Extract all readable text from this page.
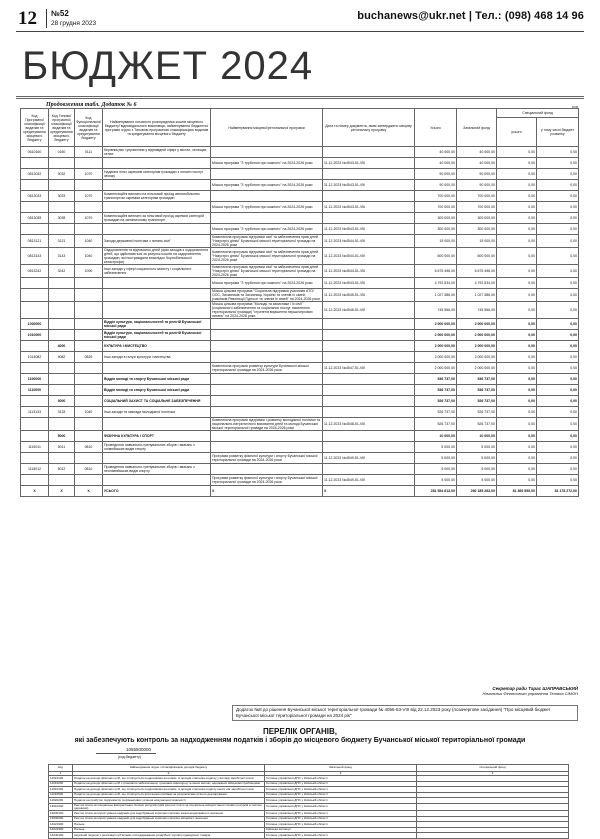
12	№52
28 грудня 2023
buchanews@ukr.net | Тел.: (098) 468 14 96
БЮДЖЕТ 2024
Продовження табл. Додаток № 6	грн
Код Програмної класифікації видатків та кредитування місцевого бюджету	Код Типової програмної класифікації видатків та кредитування місцевого бюджету	Код Функціональної класифікації видатків та кредитування бюджету	Найменування головного розпорядника коштів місцевого бюджету/ відповідального виконавця, найменування бюджетної програми згідно з Типовою програмною класифікацією видатків та кредитування місцевого бюджету	Найменування місцевої/регіональної програми	Дата та номер документа, яким затверджено місцеву регіональну програму	Усього	Загальний фонд	Спеціальний фонд	
								усього	у тому числі бюджет розвитку
0610160	0160	0111	Керівництво і управління у відповідній сфері у містах, селищах, селах			40 000,00	40 000,00	0,00	0,00
				Міська програма "З турботою про кожного" на 2024-2026 роки	11.12.2023 №4543-51-VIII	40 000,00	40 000,00	0,00	0,00
0813032	3032	1070	Надання пільг окремим категоріям громадян з оплати послуг зв'язку			90 000,00	90 000,00	0,00	0,00
				Міська програма "З турботою про кожного" на 2024-2026 роки	11.12.2023 №4543-51-VIII	90 000,00	90 000,00	0,00	0,00
0813033	3033	1070	Компенсаційні виплати на пільговий проїзд автомобільним транспортом окремим категоріям громадян			700 000,00	700 000,00	0,00	0,00
				Міська програма "З турботою про кожного" на 2024-2026 роки	11.12.2023 №4543-51-VIII	700 000,00	700 000,00	0,00	0,00
0813035	3035	1070	Компенсаційні виплати за пільговий проїзд окремих категорій громадян на залізничному транспорті			300 000,00	300 000,00	0,00	0,00
				Міська програма "З турботою про кожного" на 2024-2026 роки	11.12.2023 №4543-51-VIII	300 000,00	300 000,00	0,00	0,00
0813121	3121	1040	Заходи державної політики з питань сім'ї	Комплексна програма підтримки сім'ї та забезпечення прав дітей "Назустріч дітям" Бучанської міської територіальної громади на 2024-2026 роки	11.12.2023 №4544-51-VIII	15 000,00	15 000,00	0,00	0,00
0813143	3143	1040	Оздоровлення та відпочинок дітей (крім заходів з оздоровлення дітей, що здійснюються за рахунок коштів на оздоровлення громадян, які постраждали внаслідок Чорнобильської катастрофи)	Комплексна програма підтримки сім'ї та забезпечення прав дітей "Назустріч дітям" Бучанської міської територіальної громади на 2024-2026 роки	11.12.2023 №4544-51-VIII	600 000,00	600 000,00	0,00	0,00
0813242	3242	1090	Інші заходи у сфері соціального захисту і соціального забезпечення	Комплексна програма підтримки сім'ї та забезпечення прав дітей "Назустріч дітям" Бучанської міської територіальної громади на 2024-2026 роки	11.12.2023 №4544-51-VIII	6 675 496,00	6 675 496,00	0,00	0,00
				Міська програма "З турботою про кожного" на 2024-2026 роки	11.12.2023 №4543-51-VIII	4 792 534,00	4 792 534,00	0,00	0,00
				Міська цільова програма "Соціальна підтримка учасників АТО/ООС, Захисників та Захисниць України та членів їх сімей, учасників Революції Гідності та членів їх сімей" на 2024-2026 роки	11.12.2023 №4545-51-VIII	1 027 386,00	1 027 386,00	0,00	0,00
				Міська цільова програма "Молодь та захисники і їх сім'ї" (соціального забезпечення та соціальних послуг населенню територіальної громади) "стратегія вирішення першочергових питань" на 2024-2026 роки	11.12.2023 №4546-51-VIII	745 566,00	745 566,00	0,00	0,00
1000000			Відділ культури, національностей та релігій Бучанської міської ради			2 000 000,00	2 000 000,00	0,00	0,00
1010000			Відділ культури, національностей та релігій Бучанської міської ради			2 000 000,00	2 000 000,00	0,00	0,00
	4000		КУЛЬТУРА І МИСТЕЦТВО			2 000 000,00	2 000 000,00	0,00	0,00
1014082	4082	0829	Інші заходи в галузі культури і мистецтва			2 000 000,00	2 000 000,00	0,00	0,00
				Комплексна програма розвитку культури Бучанської міської територіальної громади на 2024-2026 роки	11.12.2023 №4547-51-VIII	2 000 000,00	2 000 000,00	0,00	0,00
1100000			Відділ молоді та спорту Бучанської міської ради			536 737,00	536 737,00	0,00	0,00
1110000			Відділ молоді та спорту Бучанської міської ради			536 737,00	536 737,00	0,00	0,00
	3000		СОЦІАЛЬНИЙ ЗАХИСТ ТА СОЦІАЛЬНЕ ЗАБЕЗПЕЧЕННЯ			526 737,00	526 737,00	0,00	0,00
1113133	3133	1040	Інші заходи та заклади молодіжної політики			526 737,00	526 737,00	0,00	0,00
				Комплексна програма підтримки і розвитку молодіжної політики та національно-патріотичного виховання дітей та молоді Бучанської міської територіальної громади на 2024-2026 роки	11.12.2023 №4548-51-VIII	526 737,00	526 737,00	0,00	0,00
	5000		ФІЗИЧНА КУЛЬТУРА І СПОРТ			10 000,00	10 000,00	0,00	0,00
1115011	5011	0810	Проведення навчально-тренувальних зборів і змагань з олімпійських видів спорту			5 000,00	5 000,00	0,00	0,00
				Програма розвитку фізичної культури і спорту Бучанської міської територіальної громади на 2024-2026 роки	11.12.2023 №4549-51-VIII	5 000,00	5 000,00	0,00	0,00
1115012	5012	0810	Проведення навчально-тренувальних зборів і змагань з неолімпійських видів спорту			5 000,00	5 000,00	0,00	0,00
				Програма розвитку фізичної культури і спорту Бучанської міської територіальної громади на 2024-2026 роки	11.12.2023 №4549-51-VIII	5 000,00	5 000,00	0,00	0,00
X	X	X	УСЬОГО	X	X	281 554 813,00	260 185 263,00	81 369 550,00	81 178 272,00
Секретар ради Тарас ШАПРАВСЬКИЙ
Начальник Фінансового управління Тетяна СІМОН
Додаток №8 до рішення Бучанської міської територіальної громади № 4056-53-VIII від 22.12.2023 року (позачергове засідання) "Про місцевий бюджет Бучанської міської територіальної громади на 2024 рік"
ПЕРЕЛІК ОРГАНІВ,
які забезпечують контроль за надходженням податків і зборів до місцевого бюджету Бучанської міської територіальної громади
1055500000
(код бюджету)
Код	Найменування згідно з Класифікацією доходів бюджету	Загальний фонд	Спеціальний фонд
1	2	3	4
11010100	Податок на доходи фізичних осіб, що сплачується податковими агентами, із доходів платника податку у вигляді заробітної плати	Головне управління ДПС у Київській області	
11010200	Податок на доходи фізичних осіб з грошового забезпечення, грошових винагород та інших виплат, одержаних військовослужбовцями	Головне управління ДПС у Київській області	
11010400	Податок на доходи фізичних осіб, що сплачується податковими агентами, із доходів платника податку інших ніж заробітна плата	Головне управління ДПС у Київській області	
11010500	Податок на доходи фізичних осіб, що сплачується фізичними особами за результатами річного декларування	Головне управління ДПС у Київській області	
11020200	Податок на прибуток підприємств та фінансових установ комунальної власності	Головне управління ДПС у Київській області	
13010200	Рентна плата за спеціальне використання лісових ресурсів (крім рентної плати за спеціальне використання лісових ресурсів в частині деревини)	Головне управління ДПС у Київській області	
13030100	Рентна плата за користування надрами для видобування корисних копалин загальнодержавного значення	Головне управління ДПС у Київській області	
13030200	Рентна плата за користування надрами для видобування корисних копалин місцевого значення	Головне управління ДПС у Київській області	
14021900	Пальне	Головне управління ДПС у Київській області	
14031900	Пальне	Київська митниця	
14040100	Акцизний податок з реалізації суб'єктами господарювання роздрібної торгівлі підакцизних товарів	Головне управління ДПС у Київській області	
